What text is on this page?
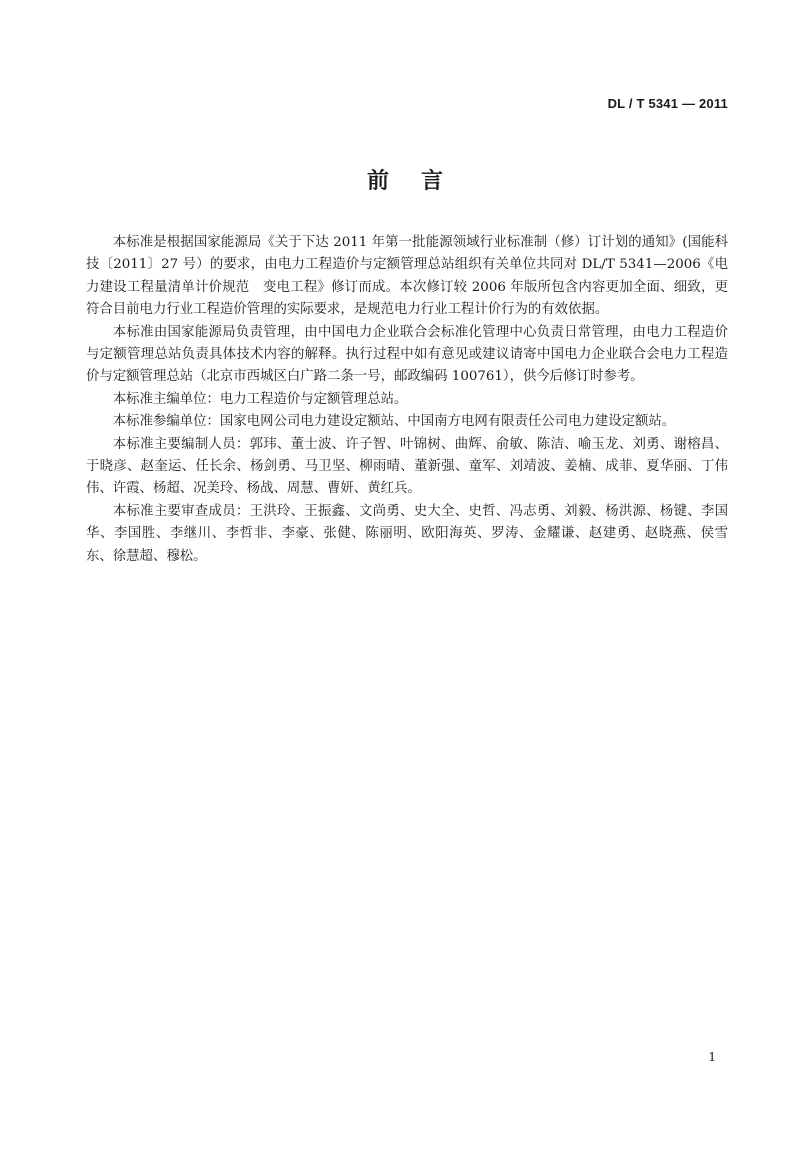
DL / T 5341 — 2011
前 言

本标准是根据国家能源局《关于下达 2011 年第一批能源领域行业标准制（修）订计划的通知》(国能科技〔2011〕27 号）的要求，由电力工程造价与定额管理总站组织有关单位共同对 DL/T 5341—2006《电力建设工程量清单计价规范　变电工程》修订而成。本次修订较 2006 年版所包含内容更加全面、细致，更符合目前电力行业工程造价管理的实际要求，是规范电力行业工程计价行为的有效依据。

本标准由国家能源局负责管理，由中国电力企业联合会标准化管理中心负责日常管理，由电力工程造价与定额管理总站负责具体技术内容的解释。执行过程中如有意见或建议请寄中国电力企业联合会电力工程造价与定额管理总站（北京市西城区白广路二条一号，邮政编码 100761），供今后修订时参考。

本标准主编单位：电力工程造价与定额管理总站。

本标准参编单位：国家电网公司电力建设定额站、中国南方电网有限责任公司电力建设定额站。

本标准主要编制人员：郭玮、董士波、许子智、叶锦树、曲辉、俞敏、陈洁、喻玉龙、刘勇、谢榕昌、于晓彦、赵奎运、任长余、杨剑勇、马卫坚、柳雨晴、董新强、童军、刘靖波、姜楠、成菲、夏华丽、丁伟伟、许霞、杨超、况美玲、杨战、周慧、曹妍、黄红兵。

本标准主要审查成员：王洪玲、王振鑫、文尚勇、史大全、史哲、冯志勇、刘毅、杨洪源、杨键、李国华、李国胜、李继川、李哲非、李豪、张健、陈丽明、欧阳海英、罗涛、金耀谦、赵建勇、赵晓燕、侯雪东、徐慧超、穆松。

1
